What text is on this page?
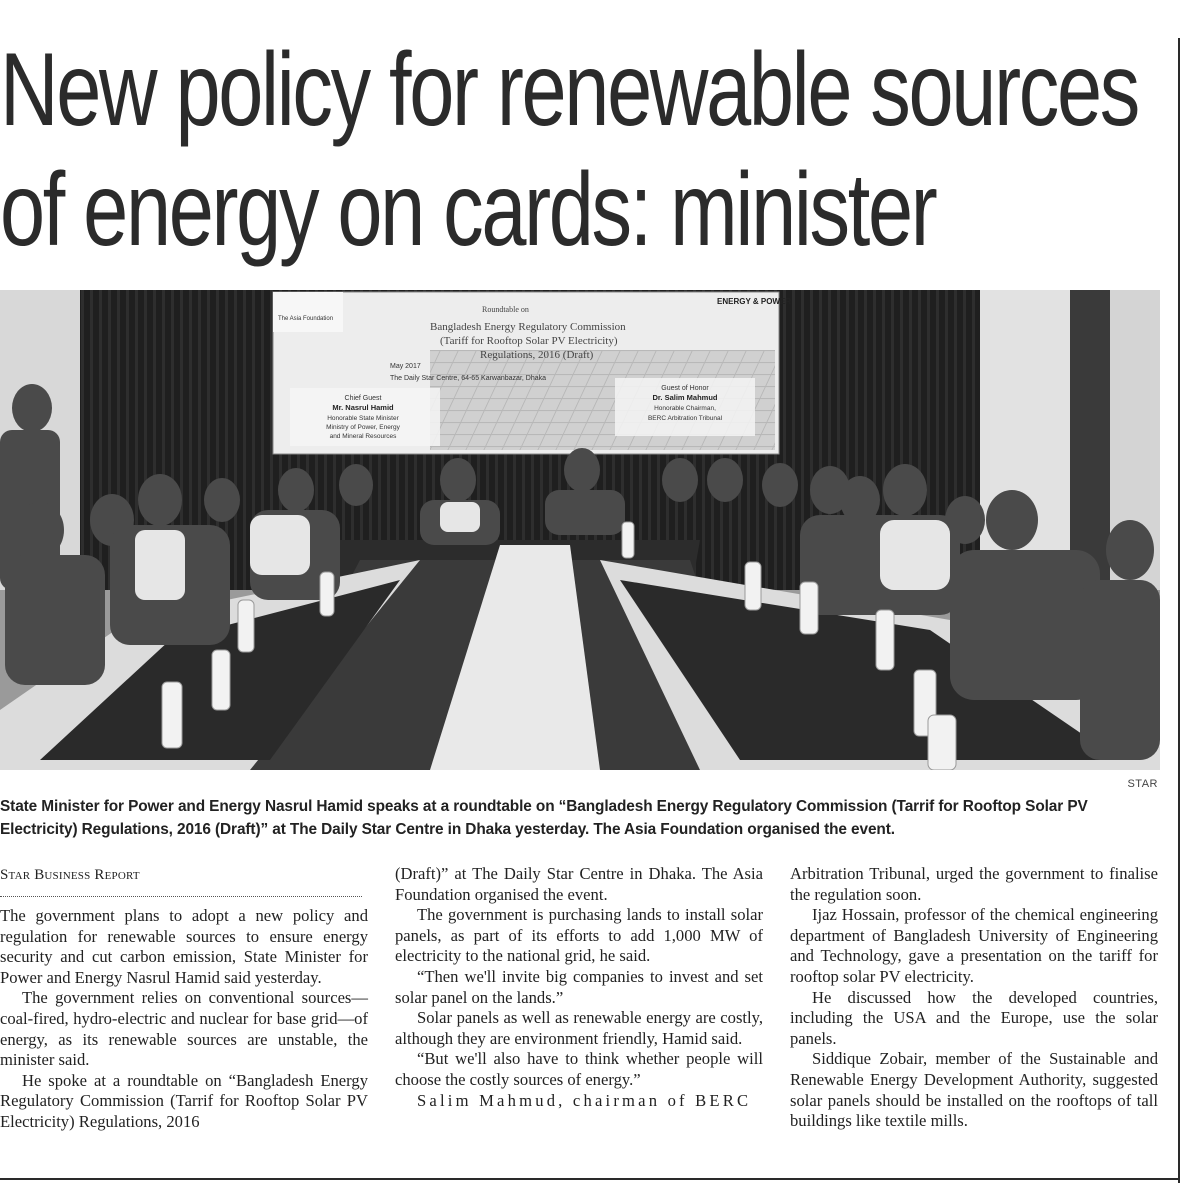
New policy for renewable sources
of energy on cards: minister
The Asia Foundation
ENERGY & POWER
Roundtable on
Bangladesh Energy Regulatory Commission
(Tariff for Rooftop Solar PV Electricity)
Regulations, 2016 (Draft)
May 2017
The Daily Star Centre, 64-65 Karwanbazar, Dhaka
Chief Guest
Mr. Nasrul Hamid
Honorable State Minister
Ministry of Power, Energy
and Mineral Resources
Guest of Honor
Dr. Salim Mahmud
Honorable Chairman,
BERC Arbitration Tribunal
STAR

State Minister for Power and Energy Nasrul Hamid speaks at a roundtable on “Bangladesh Energy Regulatory Commission (Tarrif for Rooftop Solar PV Electricity) Regulations, 2016 (Draft)” at The Daily Star Centre in Dhaka yesterday. The Asia Foundation organised the event.

Star Business Report

The government plans to adopt a new policy and regulation for renewable sources to ensure energy security and cut carbon emission, State Minister for Power and Energy Nasrul Hamid said yesterday.

The government relies on conventional sources—coal-fired, hydro-electric and nuclear for base grid—of energy, as its renewable sources are unstable, the minister said.

He spoke at a roundtable on “Bangladesh Energy Regulatory Commission (Tarrif for Rooftop Solar PV Electricity) Regulations, 2016

(Draft)” at The Daily Star Centre in Dhaka. The Asia Foundation organised the event.

The government is purchasing lands to install solar panels, as part of its efforts to add 1,000 MW of electricity to the national grid, he said.

“Then we'll invite big companies to invest and set solar panel on the lands.”

Solar panels as well as renewable energy are costly, although they are environment friendly, Hamid said.

“But we'll also have to think whether people will choose the costly sources of energy.”

Salim Mahmud, chairman of BERC

Arbitration Tribunal, urged the government to finalise the regulation soon.

Ijaz Hossain, professor of the chemical engineering department of Bangladesh University of Engineering and Technology, gave a presentation on the tariff for rooftop solar PV electricity.

He discussed how the developed countries, including the USA and the Europe, use the solar panels.

Siddique Zobair, member of the Sustainable and Renewable Energy Development Authority, suggested solar panels should be installed on the rooftops of tall buildings like textile mills.
